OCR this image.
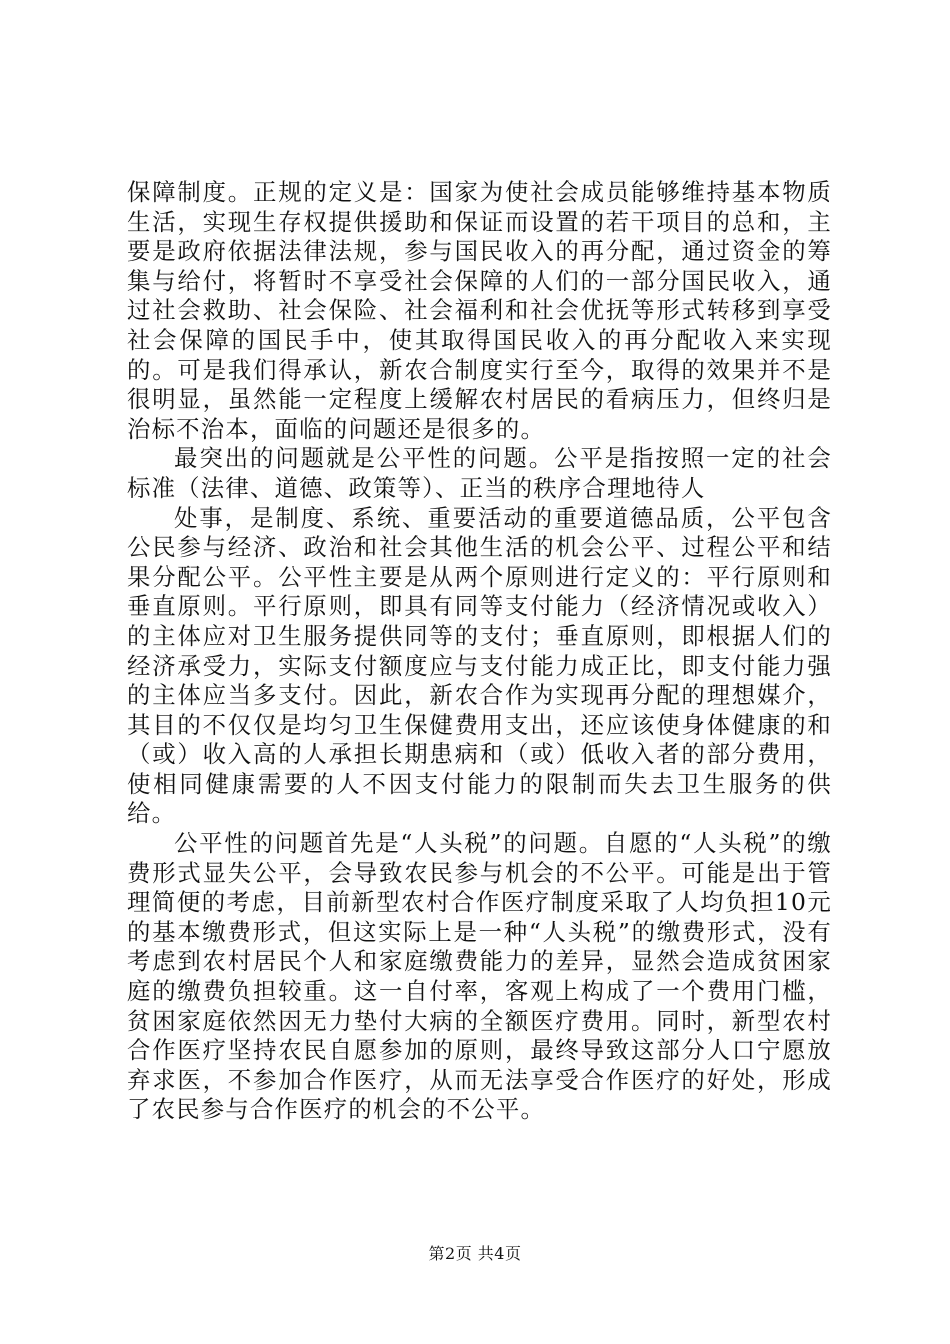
保障制度。正规的定义是：国家为使社会成员能够维持基本物质生活，实现生存权提供援助和保证而设置的若干项目的总和，主要是政府依据法律法规，参与国民收入的再分配，通过资金的筹集与给付，将暂时不享受社会保障的人们的一部分国民收入，通过社会救助、社会保险、社会福利和社会优抚等形式转移到享受社会保障的国民手中，使其取得国民收入的再分配收入来实现的。可是我们得承认，新农合制度实行至今，取得的效果并不是很明显，虽然能一定程度上缓解农村居民的看病压力，但终归是治标不治本，面临的问题还是很多的。

最突出的问题就是公平性的问题。公平是指按照一定的社会标准（法律、道德、政策等）、正当的秩序合理地待人

处事，是制度、系统、重要活动的重要道德品质，公平包含公民参与经济、政治和社会其他生活的机会公平、过程公平和结果分配公平。公平性主要是从两个原则进行定义的：平行原则和垂直原则。平行原则，即具有同等支付能力（经济情况或收入）的主体应对卫生服务提供同等的支付；垂直原则，即根据人们的经济承受力，实际支付额度应与支付能力成正比，即支付能力强的主体应当多支付。因此，新农合作为实现再分配的理想媒介，其目的不仅仅是均匀卫生保健费用支出，还应该使身体健康的和（或）收入高的人承担长期患病和（或）低收入者的部分费用，使相同健康需要的人不因支付能力的限制而失去卫生服务的供给。

公平性的问题首先是“人头税”的问题。自愿的“人头税”的缴费形式显失公平，会导致农民参与机会的不公平。可能是出于管理简便的考虑，目前新型农村合作医疗制度采取了人均负担10元的基本缴费形式，但这实际上是一种“人头税”的缴费形式，没有考虑到农村居民个人和家庭缴费能力的差异，显然会造成贫困家庭的缴费负担较重。这一自付率，客观上构成了一个费用门槛，贫困家庭依然因无力垫付大病的全额医疗费用。同时，新型农村合作医疗坚持农民自愿参加的原则，最终导致这部分人口宁愿放弃求医，不参加合作医疗，从而无法享受合作医疗的好处，形成了农民参与合作医疗的机会的不公平。

第2页 共4页
